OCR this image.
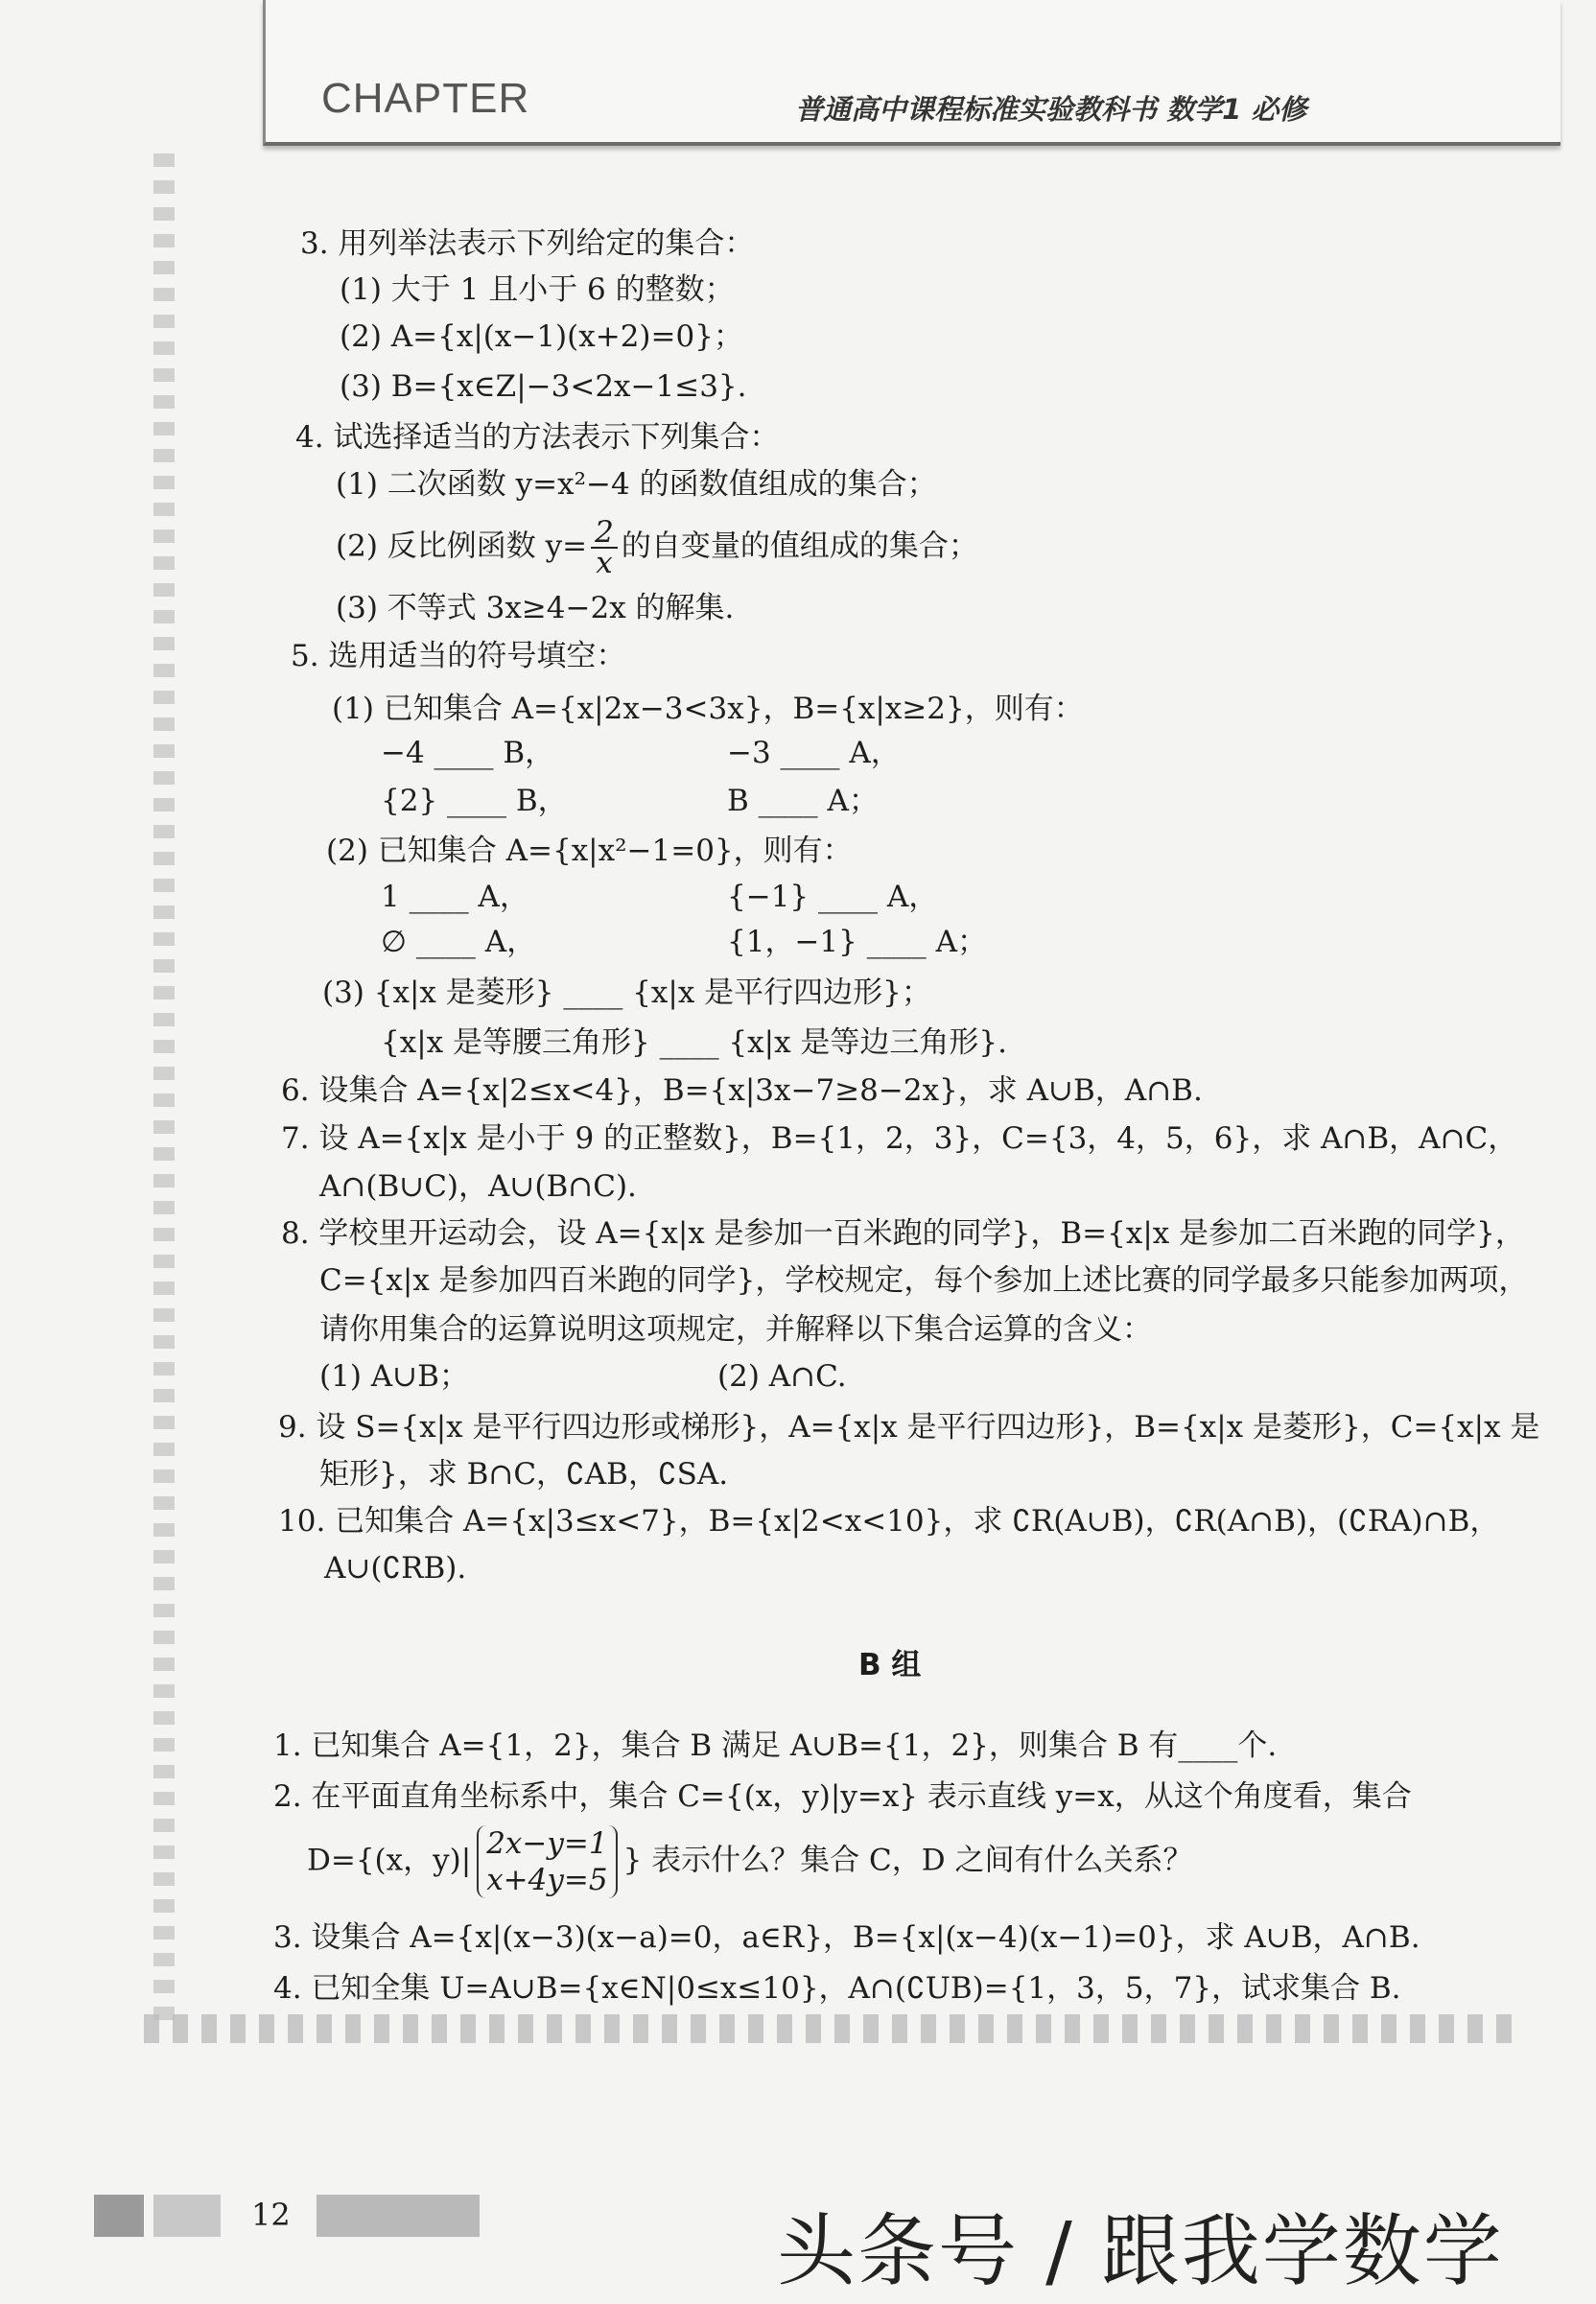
CHAPTER	普通高中课程标准实验教科书 数学1 必修
3. 用列举法表示下列给定的集合：
(1) 大于 1 且小于 6 的整数；
(2) A={x|(x−1)(x+2)=0}；
(3) B={x∈Z|−3<2x−1≤3}.
4. 试选择适当的方法表示下列集合：
(1) 二次函数 y=x²−4 的函数值组成的集合；
(2) 反比例函数 $y= \frac{2}{x}$ 的自变量的值组成的集合；
(3) 不等式 3x≥4−2x 的解集.
5. 选用适当的符号填空：
(1) 已知集合 A={x|2x−3<3x}，B={x|x≥2}，则有：
−4 ____ B，	−3 ____ A，
{2} ____ B，	B ____ A；
(2) 已知集合 A={x|x²−1=0}，则有：
1 ____ A，	{−1} ____ A，
∅ ____ A，	{1，−1} ____ A；
(3) {x|x 是菱形} ____ {x|x 是平行四边形}；
{x|x 是等腰三角形} ____ {x|x 是等边三角形}.
6. 设集合 A={x|2≤x<4}，B={x|3x−7≥8−2x}，求 A∪B，A∩B.
7. 设 A={x|x 是小于 9 的正整数}，B={1，2，3}，C={3，4，5，6}，求 A∩B，A∩C，
A∩(B∪C)，A∪(B∩C).
8. 学校里开运动会，设 A={x|x 是参加一百米跑的同学}，B={x|x 是参加二百米跑的同学}，
C={x|x 是参加四百米跑的同学}，学校规定，每个参加上述比赛的同学最多只能参加两项，
请你用集合的运算说明这项规定，并解释以下集合运算的含义：
(1) A∪B；	(2) A∩C.
9. 设 S={x|x 是平行四边形或梯形}，A={x|x 是平行四边形}，B={x|x 是菱形}，C={x|x 是
矩形}，求 B∩C，∁AB，∁SA.
10. 已知集合 A={x|3≤x<7}，B={x|2<x<10}，求 ∁R(A∪B)，∁R(A∩B)，(∁RA)∩B，
A∪(∁RB).
B 组
1. 已知集合 A={1，2}，集合 B 满足 A∪B={1，2}，则集合 B 有____个.
2. 在平面直角坐标系中，集合 C={(x，y)|y=x} 表示直线 y=x，从这个角度看，集合
D={(x，y)| 2x−y=1
x+4y=5
} 表示什么？集合 C，D 之间有什么关系？
3. 设集合 A={x|(x−3)(x−a)=0，a∈R}，B={x|(x−4)(x−1)=0}，求 A∪B，A∩B.
4. 已知全集 U=A∪B={x∈N|0≤x≤10}，A∩(∁UB)={1，3，5，7}，试求集合 B.
12	头条号 / 跟我学数学
